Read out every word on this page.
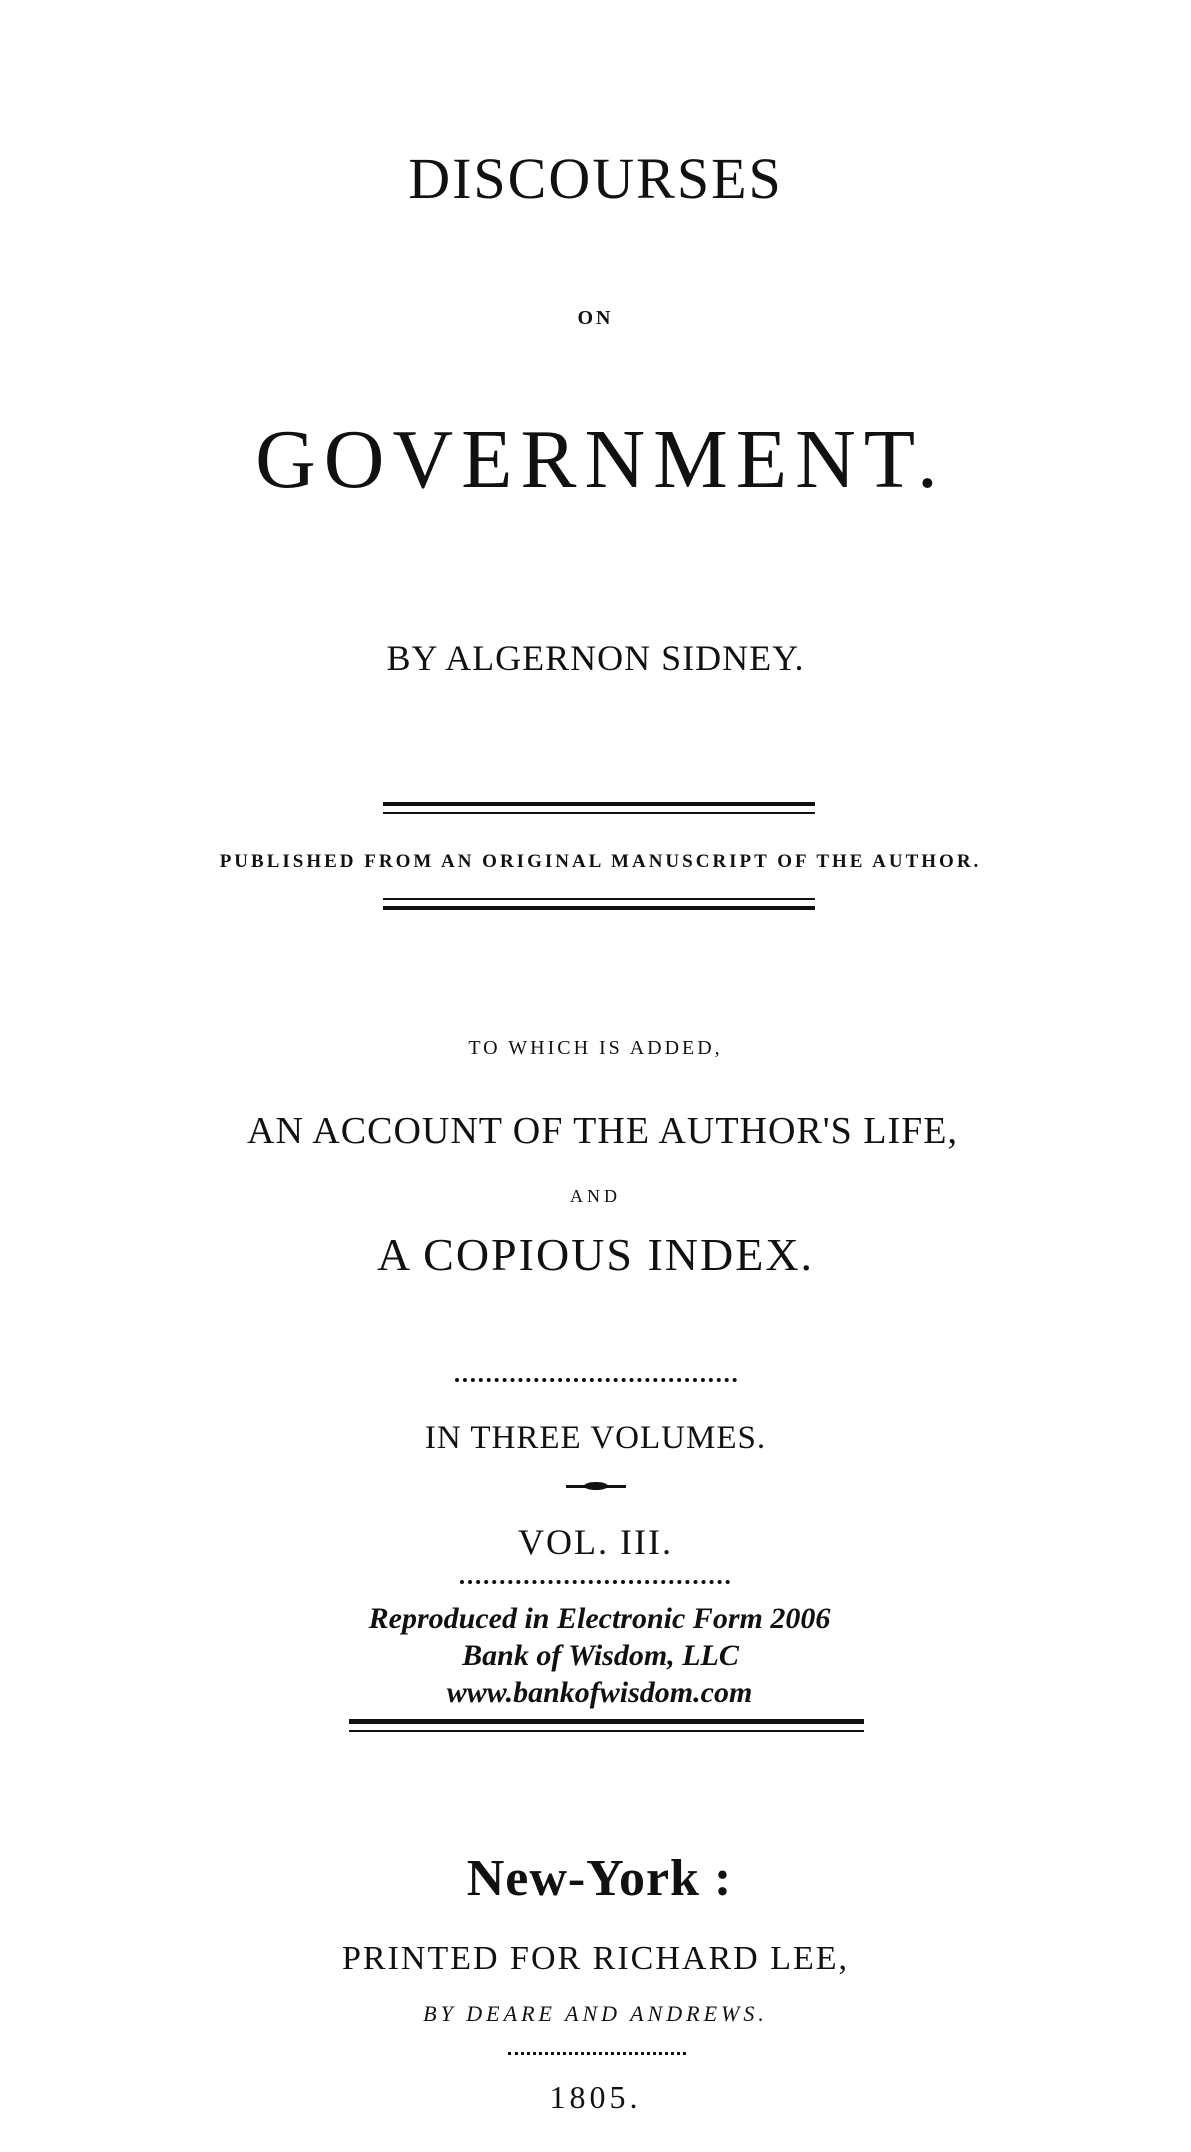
DISCOURSES
ON
GOVERNMENT.
BY ALGERNON SIDNEY.
PUBLISHED FROM AN ORIGINAL MANUSCRIPT OF THE AUTHOR.
TO WHICH IS ADDED,
AN ACCOUNT OF THE AUTHOR'S LIFE,
AND
A COPIOUS INDEX.
IN THREE VOLUMES.
VOL. III.
Reproduced in Electronic Form 2006
Bank of Wisdom, LLC
www.bankofwisdom.com
New-York :
PRINTED FOR RICHARD LEE,
BY DEARE AND ANDREWS.
1805.
